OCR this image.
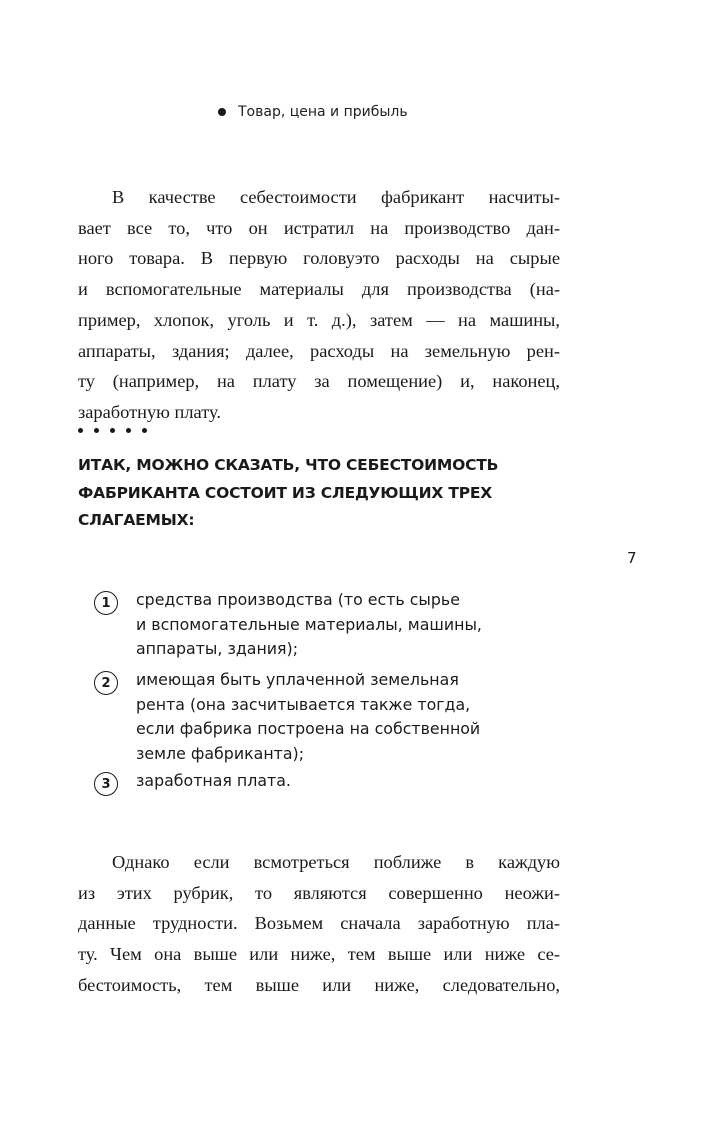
Товар, цена и прибыль

В качестве себестоимости фабрикант насчиты-
вает все то, что он истратил на производство дан-
ного товара. В первую головуэто расходы на сырые
и вспомогательные материалы для производства (на-
пример, хлопок, уголь и т. д.), затем — на машины,
аппараты, здания; далее, расходы на земельную рен-
ту (например, на плату за помещение) и, наконец,
заработную плату.

ИТАК, МОЖНО СКАЗАТЬ, ЧТО СЕБЕСТОИМОСТЬ
ФАБРИКАНТА СОСТОИТ ИЗ СЛЕДУЮЩИХ ТРЕХ
СЛАГАЕМЫХ:

7
1	средства производства (то есть сырье
и вспомогательные материалы, машины,
аппараты, здания);
2	имеющая быть уплаченной земельная
рента (она засчитывается также тогда,
если фабрика построена на собственной
земле фабриканта);
3	заработная плата.

Однако если всмотреться поближе в каждую
из этих рубрик, то являются совершенно неожи-
данные трудности. Возьмем сначала заработную пла-
ту. Чем она выше или ниже, тем выше или ниже се-
бестоимость, тем выше или ниже, следовательно,
